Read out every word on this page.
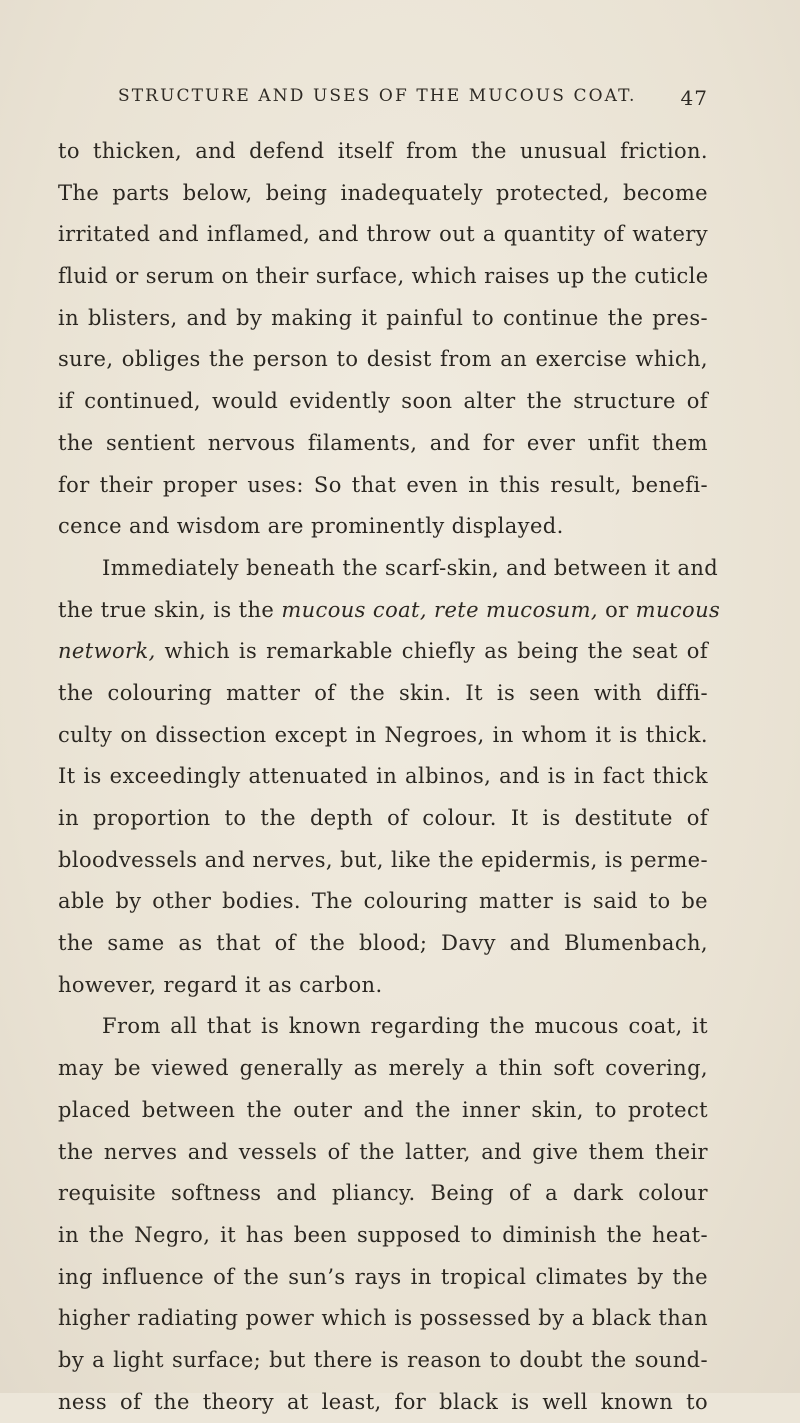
STRUCTURE AND USES OF THE MUCOUS COAT. 47
to thicken, and defend itself from the unusual friction.
The parts below, being inadequately protected, become
irritated and inflamed, and throw out a quantity of watery
fluid or serum on their surface, which raises up the cuticle
in blisters, and by making it painful to continue the pres-
sure, obliges the person to desist from an exercise which,
if continued, would evidently soon alter the structure of
the sentient nervous filaments, and for ever unfit them
for their proper uses: So that even in this result, benefi-
cence and wisdom are prominently displayed.
Immediately beneath the scarf-skin, and between it and
the true skin, is the mucous coat, rete mucosum, or mucous
network, which is remarkable chiefly as being the seat of
the colouring matter of the skin. It is seen with diffi-
culty on dissection except in Negroes, in whom it is thick.
It is exceedingly attenuated in albinos, and is in fact thick
in proportion to the depth of colour. It is destitute of
bloodvessels and nerves, but, like the epidermis, is perme-
able by other bodies. The colouring matter is said to be
the same as that of the blood; Davy and Blumenbach,
however, regard it as carbon.
From all that is known regarding the mucous coat, it
may be viewed generally as merely a thin soft covering,
placed between the outer and the inner skin, to protect
the nerves and vessels of the latter, and give them their
requisite softness and pliancy. Being of a dark colour
in the Negro, it has been supposed to diminish the heat-
ing influence of the sun’s rays in tropical climates by the
higher radiating power which is possessed by a black than
by a light surface; but there is reason to doubt the sound-
ness of the theory at least, for black is well known to
